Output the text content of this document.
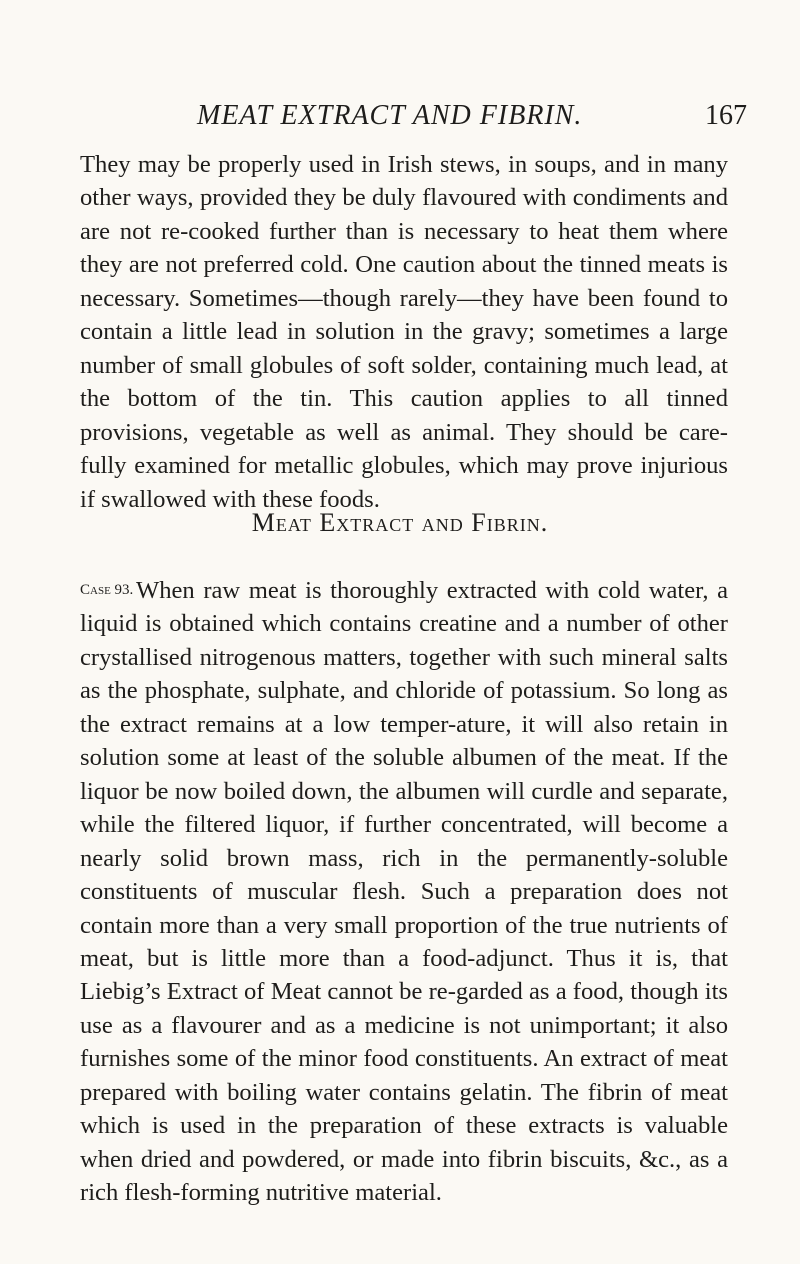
MEAT EXTRACT AND FIBRIN.	167

They may be properly used in Irish stews, in soups, and in many other ways, provided they be duly flavoured with condiments and are not re-cooked further than is necessary to heat them where they are not preferred cold. One caution about the tinned meats is necessary. Sometimes—though rarely—they have been found to contain a little lead in solution in the gravy; sometimes a large number of small globules of soft solder, containing much lead, at the bottom of the tin. This caution applies to all tinned provisions, vegetable as well as animal. They should be care-fully examined for metallic globules, which may prove injurious if swallowed with these foods.

Meat Extract and Fibrin.
Case 93. When raw meat is thoroughly extracted with cold water, a liquid is obtained which contains creatine and a number of other crystallised nitrogenous matters, together with such mineral salts as the phosphate, sulphate, and chloride of potassium. So long as the extract remains at a low temper-ature, it will also retain in solution some at least of the soluble albumen of the meat. If the liquor be now boiled down, the albumen will curdle and separate, while the filtered liquor, if further concentrated, will become a nearly solid brown mass, rich in the permanently-soluble constituents of muscular flesh. Such a preparation does not contain more than a very small proportion of the true nutrients of meat, but is little more than a food-adjunct. Thus it is, that Liebig’s Extract of Meat cannot be re-garded as a food, though its use as a flavourer and as a medicine is not unimportant; it also furnishes some of the minor food constituents. An extract of meat prepared with boiling water contains gelatin. The fibrin of meat which is used in the preparation of these extracts is valuable when dried and powdered, or made into fibrin biscuits, &c., as a rich flesh-forming nutritive material.
